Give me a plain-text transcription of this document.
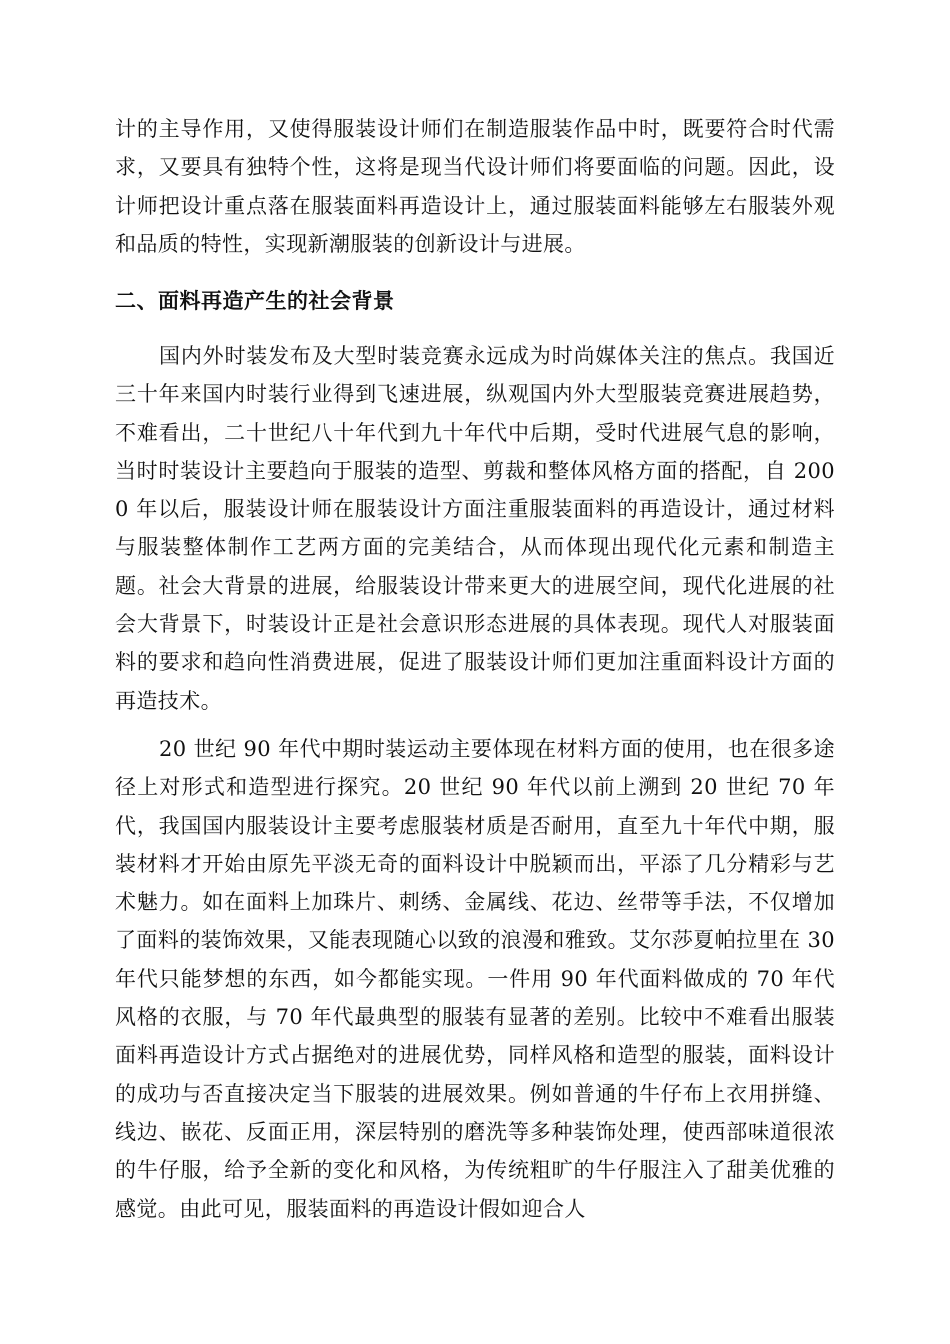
计的主导作用，又使得服装设计师们在制造服装作品中时，既要符合时代需求，又要具有独特个性，这将是现当代设计师们将要面临的问题。因此，设计师把设计重点落在服装面料再造设计上，通过服装面料能够左右服装外观和品质的特性，实现新潮服装的创新设计与进展。

二、面料再造产生的社会背景

国内外时装发布及大型时装竞赛永远成为时尚媒体关注的焦点。我国近三十年来国内时装行业得到飞速进展，纵观国内外大型服装竞赛进展趋势，不难看出，二十世纪八十年代到九十年代中后期，受时代进展气息的影响，当时时装设计主要趋向于服装的造型、剪裁和整体风格方面的搭配，自 2000 年以后，服装设计师在服装设计方面注重服装面料的再造设计，通过材料与服装整体制作工艺两方面的完美结合，从而体现出现代化元素和制造主题。社会大背景的进展，给服装设计带来更大的进展空间，现代化进展的社会大背景下，时装设计正是社会意识形态进展的具体表现。现代人对服装面料的要求和趋向性消费进展，促进了服装设计师们更加注重面料设计方面的再造技术。

20 世纪 90 年代中期时装运动主要体现在材料方面的使用，也在很多途径上对形式和造型进行探究。20 世纪 90 年代以前上溯到 20 世纪 70 年代，我国国内服装设计主要考虑服装材质是否耐用，直至九十年代中期，服装材料才开始由原先平淡无奇的面料设计中脱颖而出，平添了几分精彩与艺术魅力。如在面料上加珠片、刺绣、金属线、花边、丝带等手法，不仅增加了面料的装饰效果，又能表现随心以致的浪漫和雅致。艾尔莎夏帕拉里在 30 年代只能梦想的东西，如今都能实现。一件用 90 年代面料做成的 70 年代风格的衣服，与 70 年代最典型的服装有显著的差别。比较中不难看出服装面料再造设计方式占据绝对的进展优势，同样风格和造型的服装，面料设计的成功与否直接决定当下服装的进展效果。例如普通的牛仔布上衣用拼缝、线边、嵌花、反面正用，深层特别的磨洗等多种装饰处理，使西部味道很浓的牛仔服，给予全新的变化和风格，为传统粗旷的牛仔服注入了甜美优雅的感觉。由此可见，服装面料的再造设计假如迎合人
